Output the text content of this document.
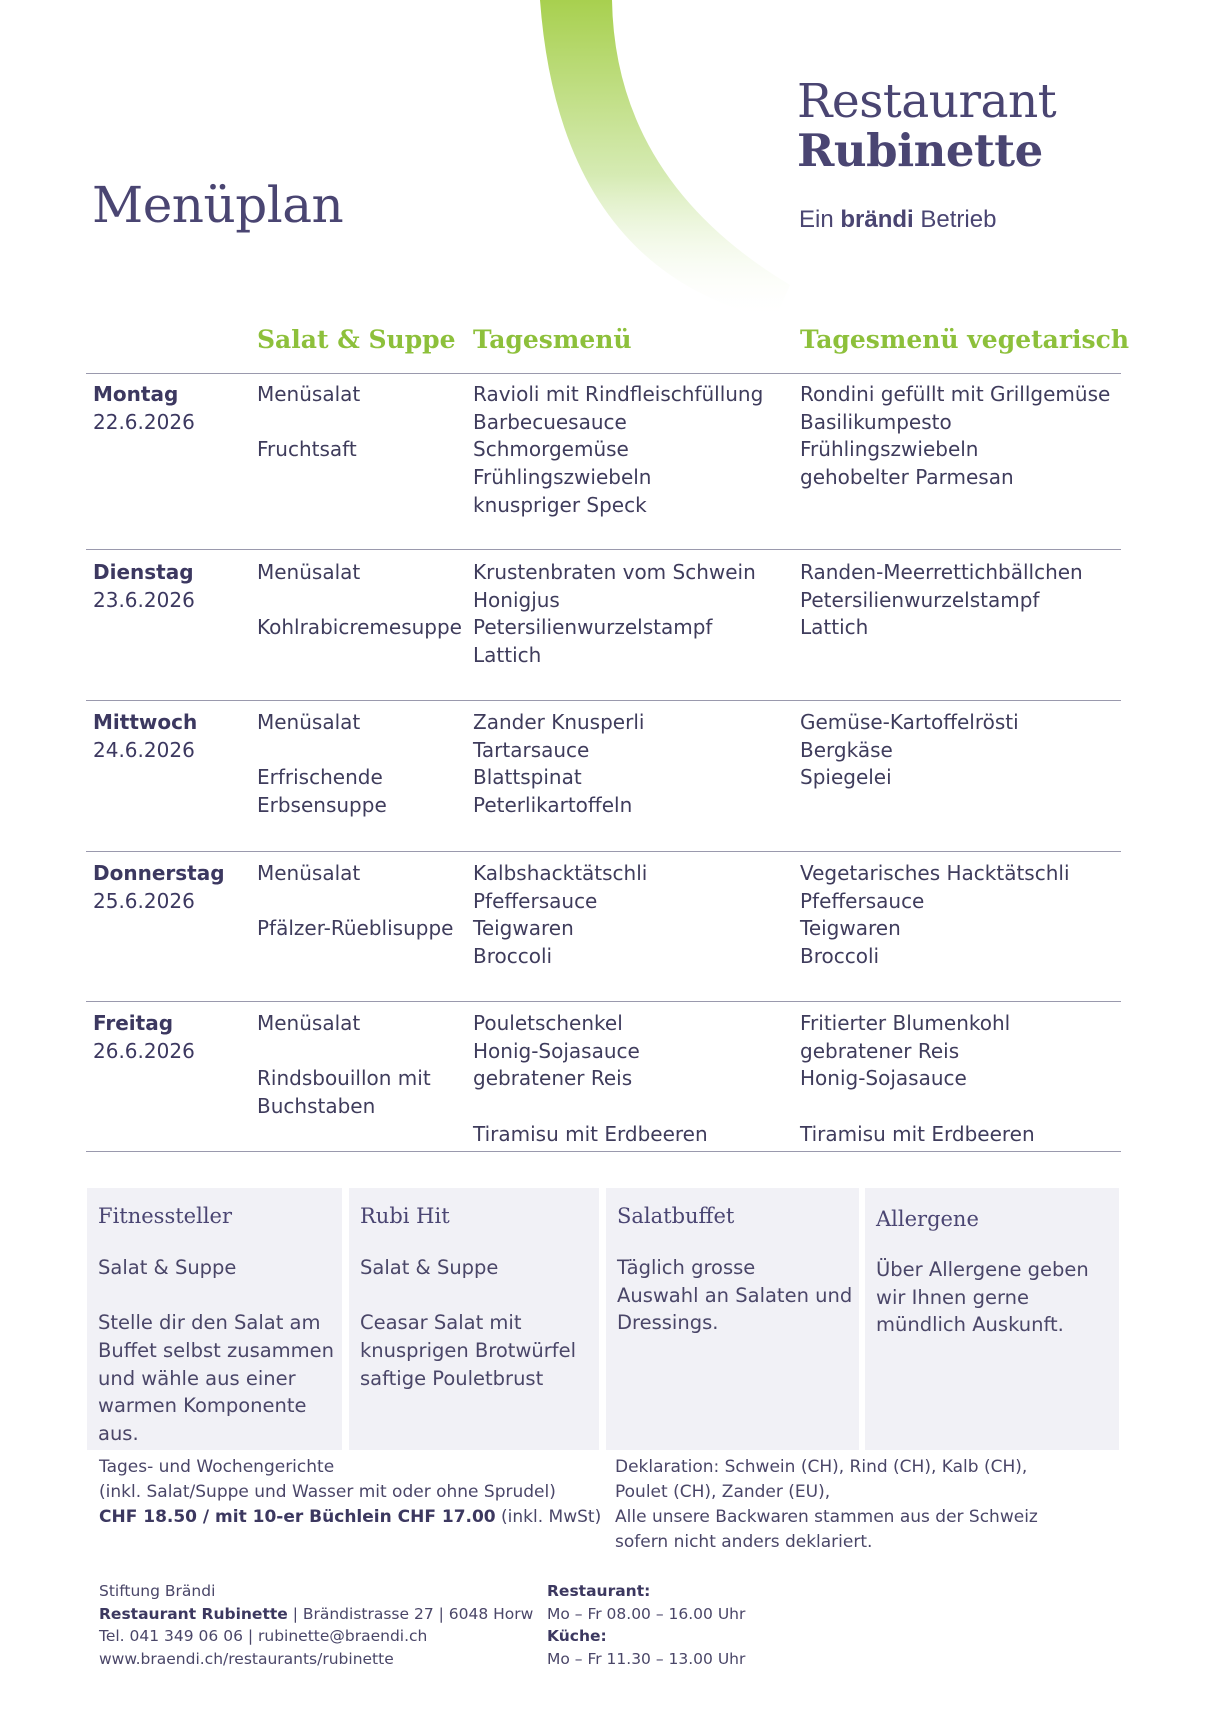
Menüplan
Restaurant
Rubinette
Ein brändi Betrieb
Salat & Suppe Tagesmenü	Tagesmenü vegetarisch
Montag
22.6.2026
Menüsalat
Fruchtsaft
Ravioli mit Rindfleischfüllung
Barbecuesauce
Schmorgemüse
Frühlingszwiebeln
knuspriger Speck
Rondini gefüllt mit Grillgemüse
Basilikumpesto
Frühlingszwiebeln
gehobelter Parmesan
Dienstag
23.6.2026
Menüsalat
Kohlrabicremesuppe
Krustenbraten vom Schwein
Honigjus
Petersilienwurzelstampf
Lattich
Randen-Meerrettichbällchen
Petersilienwurzelstampf
Lattich
Mittwoch
24.6.2026
Menüsalat
Erfrischende
Erbsensuppe
Zander Knusperli
Tartarsauce
Blattspinat
Peterlikartoffeln
Gemüse-Kartoffelrösti
Bergkäse
Spiegelei
Donnerstag
25.6.2026
Menüsalat
Pfälzer-Rüeblisuppe
Kalbshacktätschli
Pfeffersauce
Teigwaren
Broccoli
Vegetarisches Hacktätschli
Pfeffersauce
Teigwaren
Broccoli
Freitag
26.6.2026
Menüsalat
Rindsbouillon mit
Buchstaben
Pouletschenkel
Honig-Sojasauce
gebratener Reis
Tiramisu mit Erdbeeren
Fritierter Blumenkohl
gebratener Reis
Honig-Sojasauce
Tiramisu mit Erdbeeren
Fitnessteller
Salat & Suppe
Stelle dir den Salat am
Buffet selbst zusammen
und wähle aus einer
warmen Komponente
aus.
Rubi Hit
Salat & Suppe
Ceasar Salat mit
knusprigen Brotwürfel
saftige Pouletbrust
Salatbuffet
Täglich grosse
Auswahl an Salaten und
Dressings.
Allergene
Über Allergene geben
wir Ihnen gerne
mündlich Auskunft.
Tages- und Wochengerichte
(inkl. Salat/Suppe und Wasser mit oder ohne Sprudel)
CHF 18.50 / mit 10-er Büchlein CHF 17.00 (inkl. MwSt)
Deklaration: Schwein (CH), Rind (CH), Kalb (CH),
Poulet (CH), Zander (EU),
Alle unsere Backwaren stammen aus der Schweiz
sofern nicht anders deklariert.
Stiftung Brändi
Restaurant Rubinette | Brändistrasse 27 | 6048 Horw
Tel. 041 349 06 06 | rubinette@braendi.ch
www.braendi.ch/restaurants/rubinette
Restaurant:
Mo – Fr 08.00 – 16.00 Uhr
Küche:
Mo – Fr 11.30 – 13.00 Uhr
